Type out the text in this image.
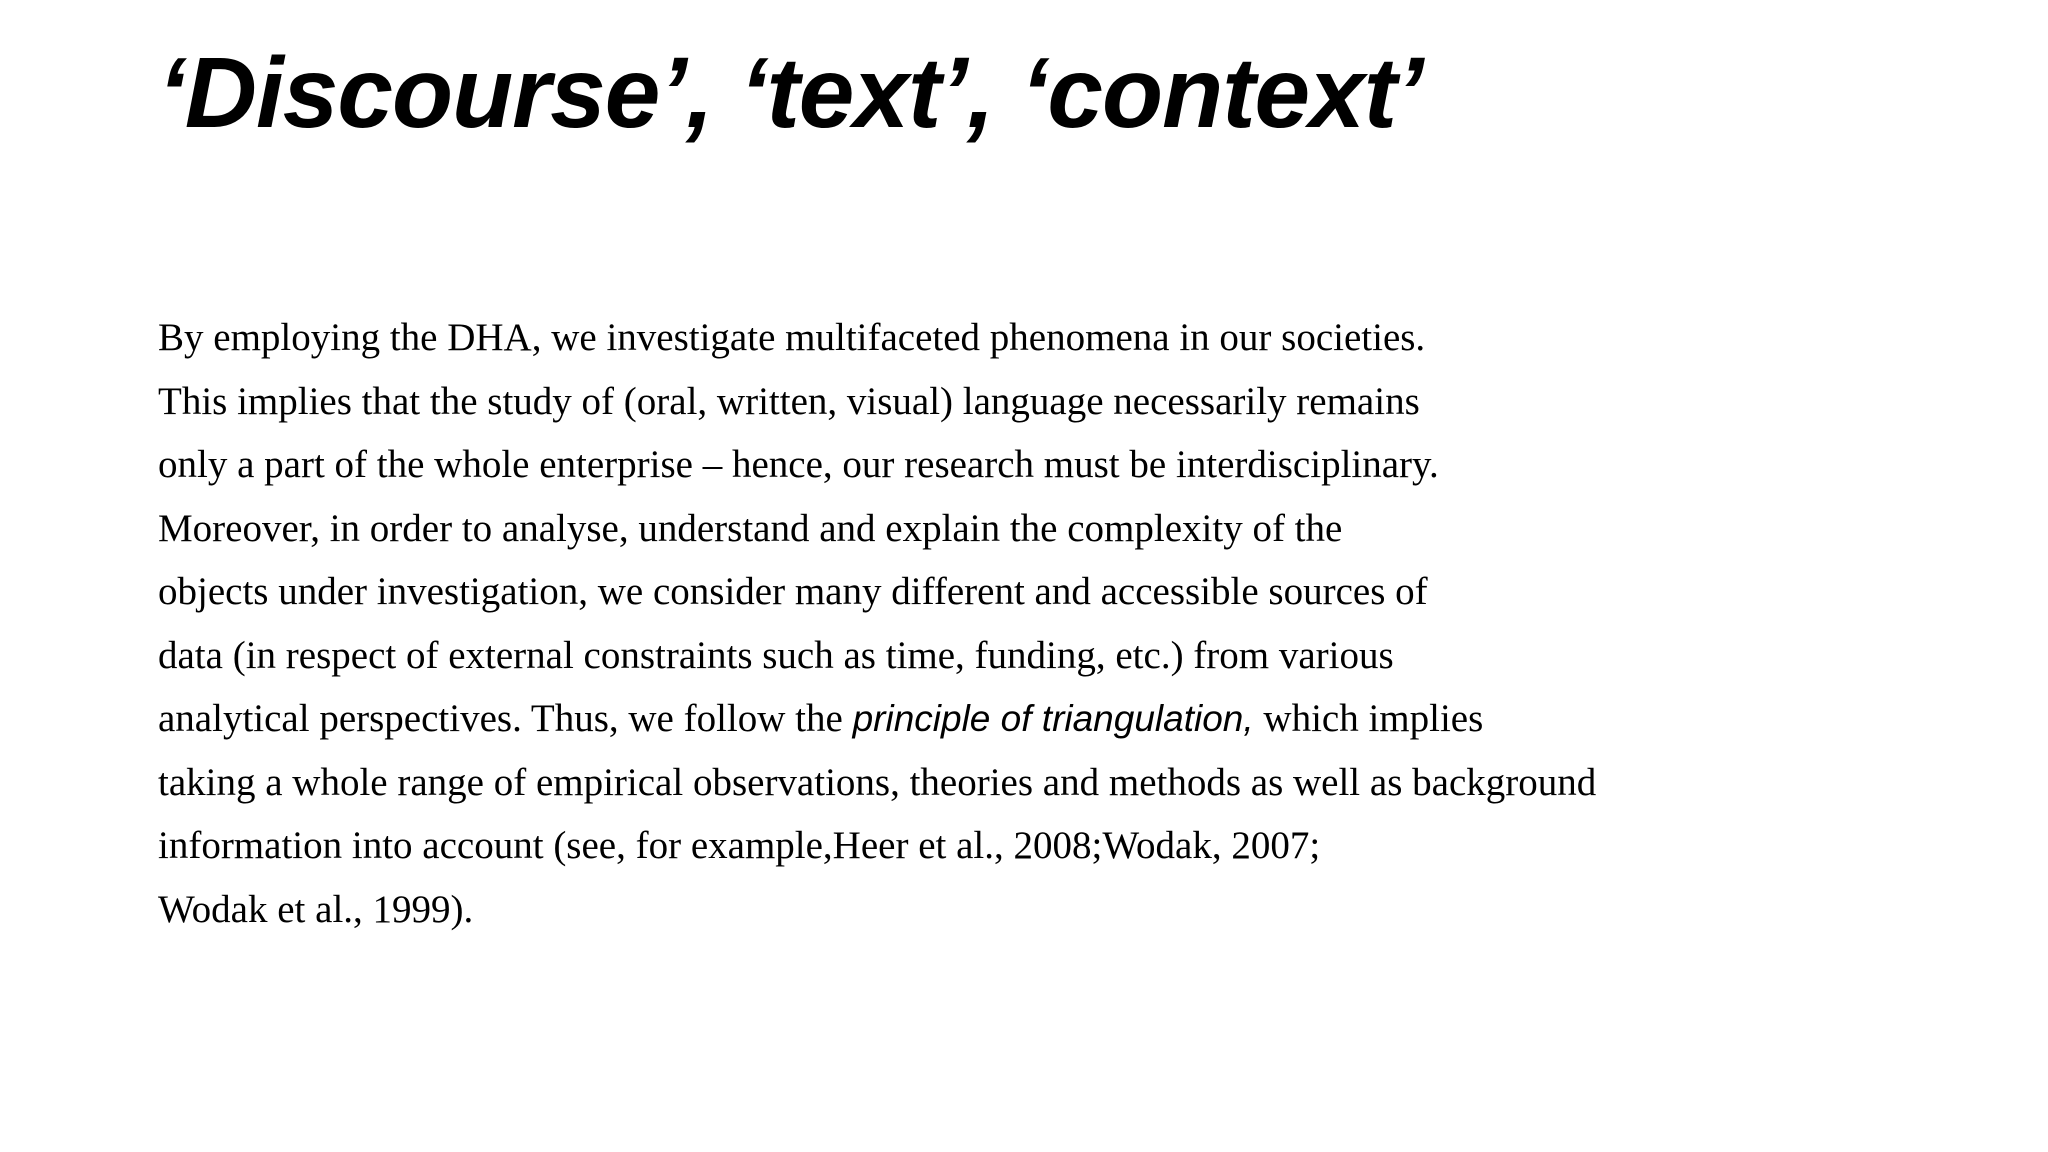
‘Discourse’, ‘text’, ‘context’
By employing the DHA, we investigate multifaceted phenomena in our societies.
This implies that the study of (oral, written, visual) language necessarily remains
only a part of the whole enterprise – hence, our research must be interdisciplinary.
Moreover, in order to analyse, understand and explain the complexity of the
objects under investigation, we consider many different and accessible sources of
data (in respect of external constraints such as time, funding, etc.) from various
analytical perspectives. Thus, we follow the principle of triangulation, which implies
taking a whole range of empirical observations, theories and methods as well as background
information into account (see, for example,Heer et al., 2008;Wodak, 2007;
Wodak et al., 1999).
